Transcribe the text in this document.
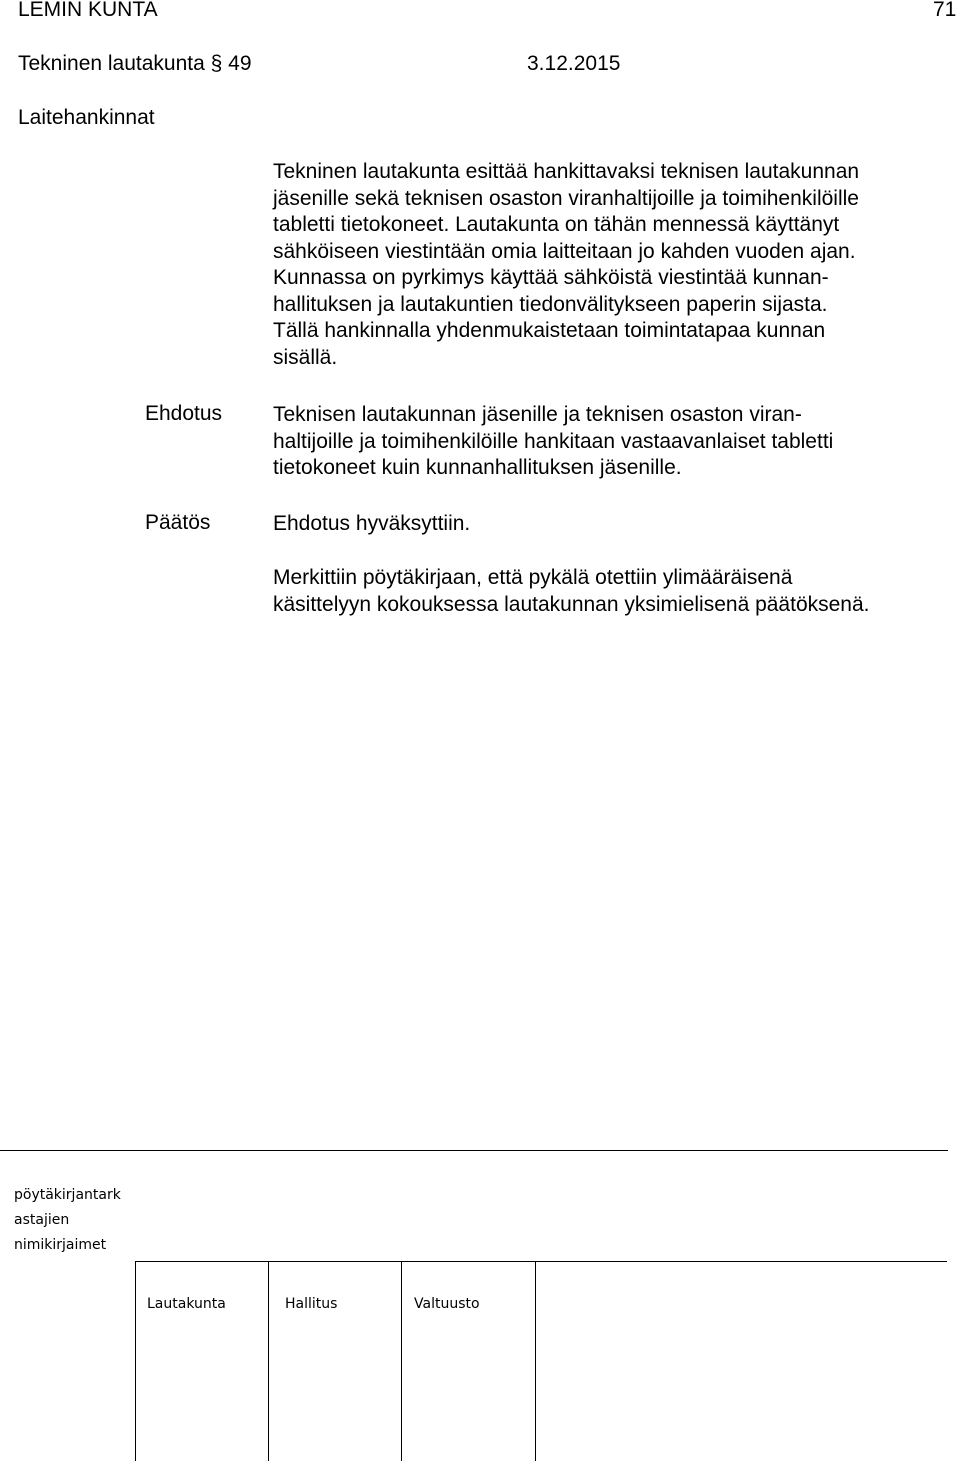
LEMIN KUNTA	71
Tekninen lautakunta § 49	3.12.2015
Laitehankinnat
Tekninen lautakunta esittää hankittavaksi teknisen lautakunnan
jäsenille sekä teknisen osaston viranhaltijoille ja toimihenkilöille
tabletti tietokoneet. Lautakunta on tähän mennessä käyttänyt
sähköiseen viestintään omia laitteitaan jo kahden vuoden ajan.
Kunnassa on pyrkimys käyttää sähköistä viestintää kunnan-
hallituksen ja lautakuntien tiedonvälitykseen paperin sijasta.
Tällä hankinnalla yhdenmukaistetaan toimintatapaa kunnan
sisällä.
Ehdotus Teknisen lautakunnan jäsenille ja teknisen osaston viran-
haltijoille ja toimihenkilöille hankitaan vastaavanlaiset tabletti
tietokoneet kuin kunnanhallituksen jäsenille.
Päätös	Ehdotus hyväksyttiin.
Merkittiin pöytäkirjaan, että pykälä otettiin ylimääräisenä
käsittelyyn kokouksessa lautakunnan yksimielisenä päätöksenä.
pöytäkirjantark
astajien
nimikirjaimet
Lautakunta	Hallitus	Valtuusto
